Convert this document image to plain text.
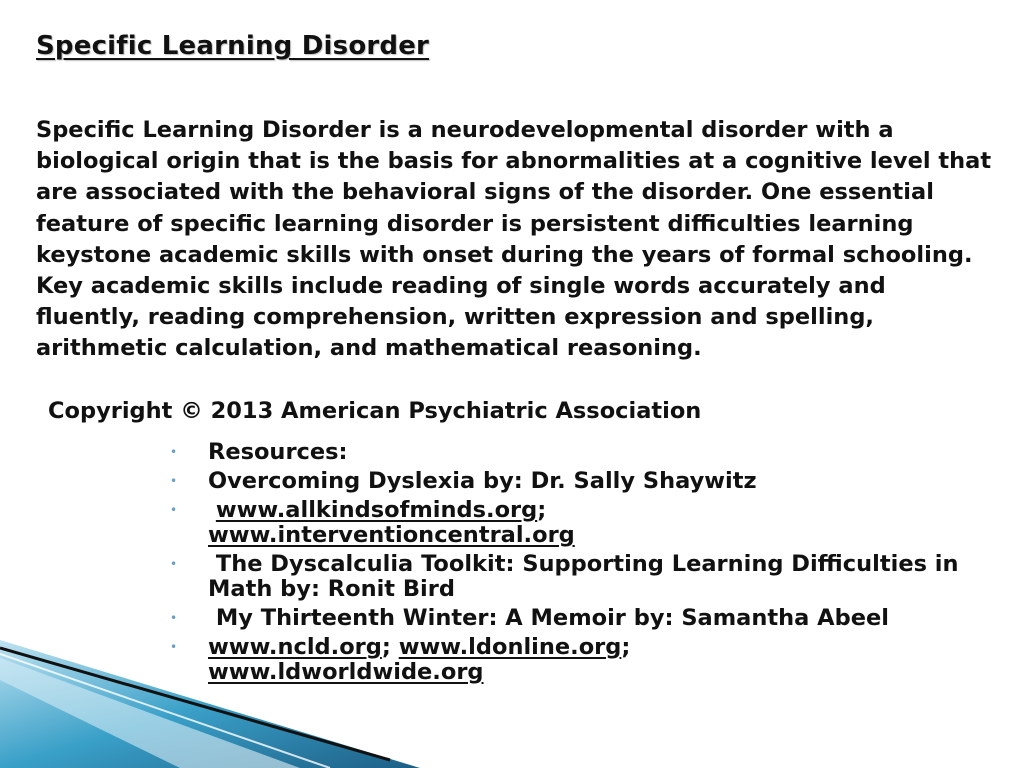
Specific Learning Disorder

Specific Learning Disorder is a neurodevelopmental disorder with a biological origin that is the basis for abnormalities at a cognitive level that are associated with the behavioral signs of the disorder. One essential feature of specific learning disorder is persistent difficulties learning keystone academic skills with onset during the years of formal schooling. Key academic skills include reading of single words accurately and fluently, reading comprehension, written expression and spelling, arithmetic calculation, and mathematical reasoning.

Copyright © 2013 American Psychiatric Association

• Resources:
• Overcoming Dyslexia by: Dr. Sally Shaywitz
• www.allkindsofminds.org;
www.interventioncentral.org
• The Dyscalculia Toolkit: Supporting Learning Difficulties in Math by: Ronit Bird
• My Thirteenth Winter: A Memoir by: Samantha Abeel
• www.ncld.org; www.ldonline.org;
www.ldworldwide.org
